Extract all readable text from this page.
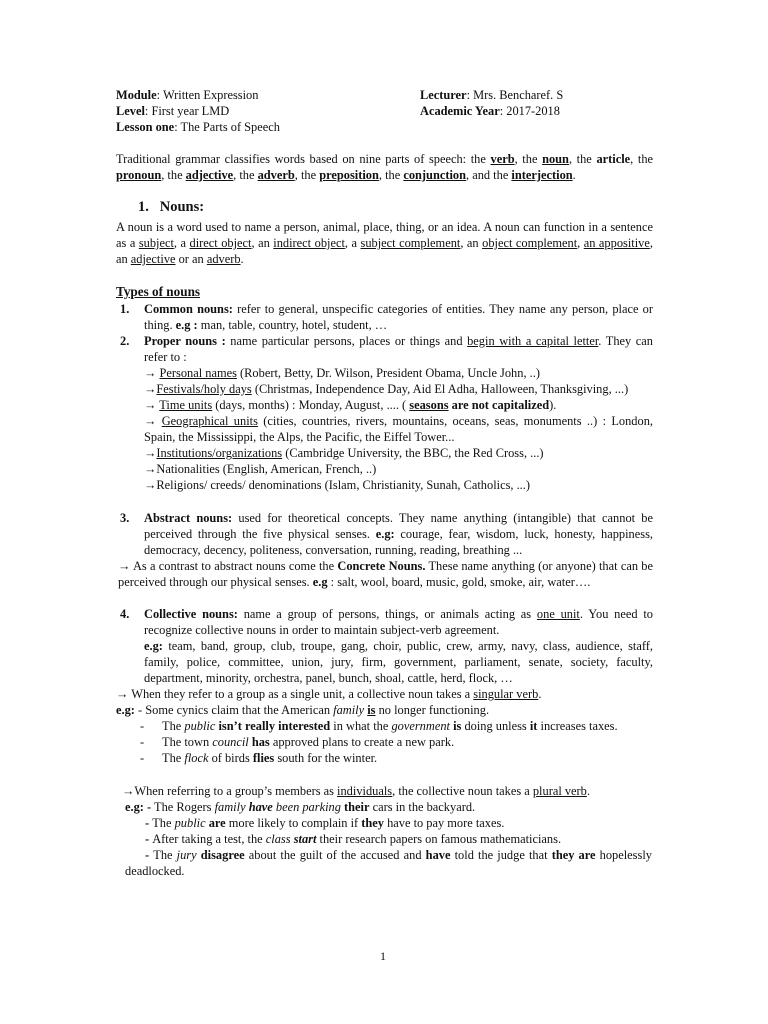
Module: Written Expression
Level: First year LMD
Lesson one: The Parts of Speech
Lecturer: Mrs. Bencharef. S
Academic Year: 2017-2018
Traditional grammar classifies words based on nine parts of speech: the verb, the noun, the article, the pronoun, the adjective, the adverb, the preposition, the conjunction, and the interjection.
1. Nouns:
A noun is a word used to name a person, animal, place, thing, or an idea. A noun can function in a sentence as a subject, a direct object, an indirect object, a subject complement, an object complement, an appositive, an adjective or an adverb.
Types of nouns
1. Common nouns: refer to general, unspecific categories of entities. They name any person, place or thing. e.g : man, table, country, hotel, student, …
2. Proper nouns : name particular persons, places or things and begin with a capital letter. They can refer to :
→ Personal names (Robert, Betty, Dr. Wilson, President Obama, Uncle John, ..)
→Festivals/holy days (Christmas, Independence Day, Aid El Adha, Halloween, Thanksgiving, ...)
→ Time units (days, months) : Monday, August, .... ( seasons are not capitalized).
→ Geographical units (cities, countries, rivers, mountains, oceans, seas, monuments ..) : London, Spain, the Mississippi, the Alps, the Pacific, the Eiffel Tower...
→Institutions/organizations (Cambridge University, the BBC, the Red Cross, ...)
→Nationalities (English, American, French, ..)
→Religions/ creeds/ denominations (Islam, Christianity, Sunah, Catholics, ...)
3. Abstract nouns: used for theoretical concepts. They name anything (intangible) that cannot be perceived through the five physical senses. e.g: courage, fear, wisdom, luck, honesty, happiness, democracy, decency, politeness, conversation, running, reading, breathing ...
→ As a contrast to abstract nouns come the Concrete Nouns. These name anything (or anyone) that can be perceived through our physical senses. e.g : salt, wool, board, music, gold, smoke, air, water….
4. Collective nouns: name a group of persons, things, or animals acting as one unit. You need to recognize collective nouns in order to maintain subject-verb agreement.
e.g: team, band, group, club, troupe, gang, choir, public, crew, army, navy, class, audience, staff, family, police, committee, union, jury, firm, government, parliament, senate, society, faculty, department, minority, orchestra, panel, bunch, shoal, cattle, herd, flock, …
→ When they refer to a group as a single unit, a collective noun takes a singular verb.
e.g: - Some cynics claim that the American family is no longer functioning.
- The public isn’t really interested in what the government is doing unless it increases taxes.
- The town council has approved plans to create a new park.
- The flock of birds flies south for the winter.
→When referring to a group’s members as individuals, the collective noun takes a plural verb.
e.g: - The Rogers family have been parking their cars in the backyard.
- The public are more likely to complain if they have to pay more taxes.
- After taking a test, the class start their research papers on famous mathematicians.
- The jury disagree about the guilt of the accused and have told the judge that they are hopelessly deadlocked.
1
